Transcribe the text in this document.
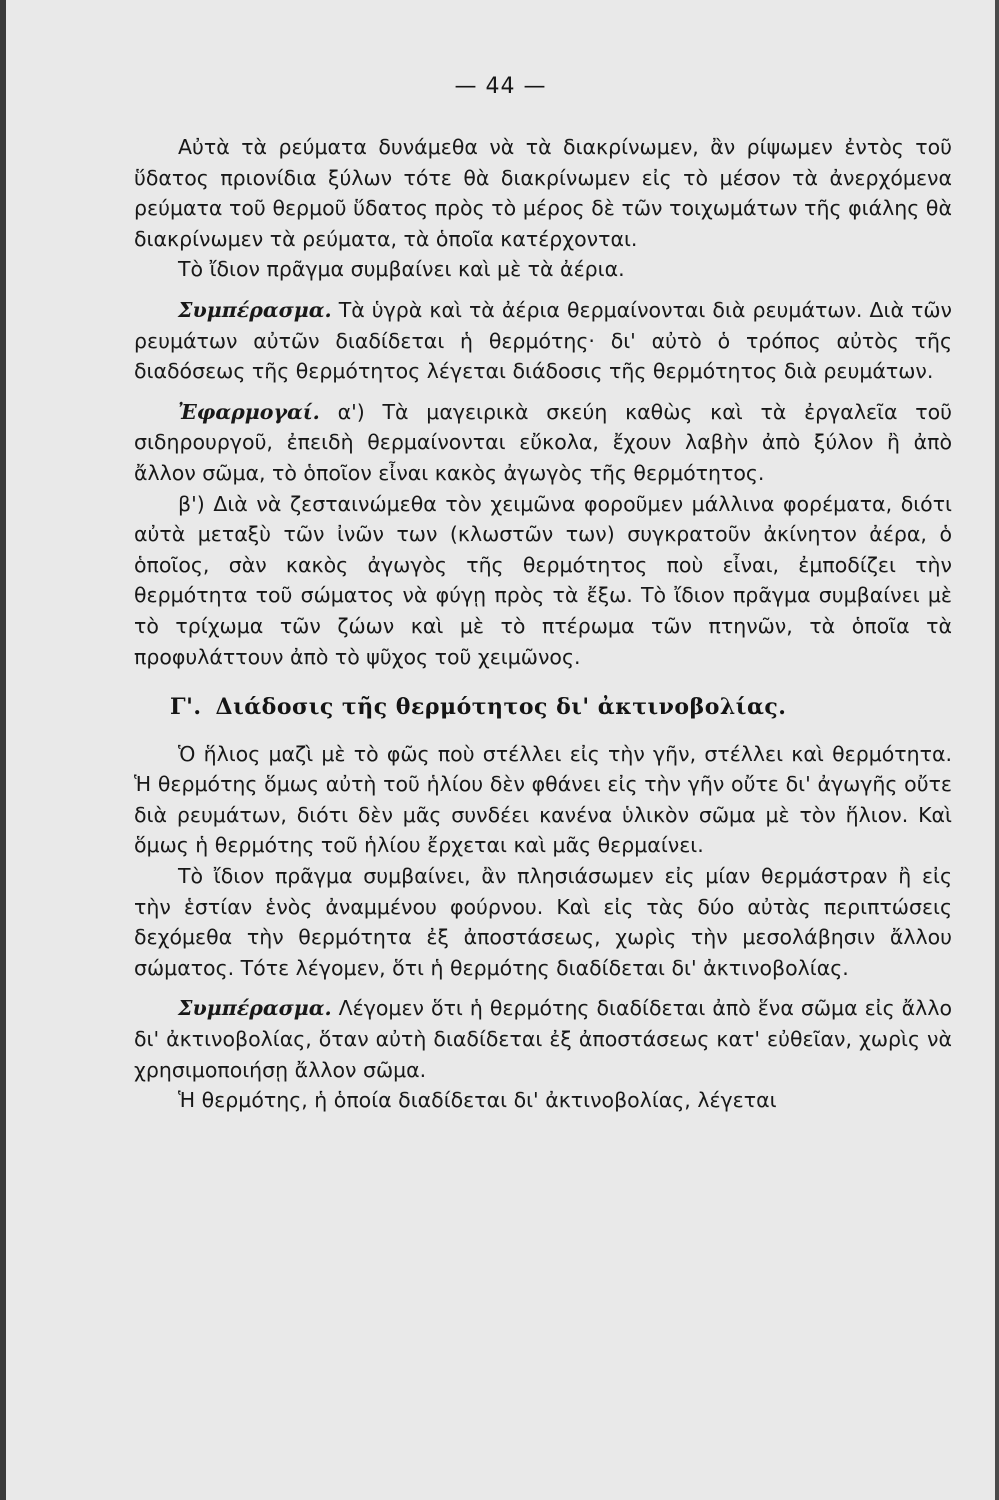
— 44 —

Αὐτὰ τὰ ρεύματα δυνάμεθα νὰ τὰ διακρίνωμεν, ἂν ρίψωμεν ἐντὸς τοῦ ὕδατος πριονίδια ξύλων τότε θὰ διακρίνωμεν εἰς τὸ μέσον τὰ ἀνερχόμενα ρεύματα τοῦ θερμοῦ ὕδατος πρὸς τὸ μέρος δὲ τῶν τοιχωμάτων τῆς φιάλης θὰ διακρίνωμεν τὰ ρεύματα, τὰ ὁποῖα κατέρχονται.

Τὸ ἴδιον πρᾶγμα συμβαίνει καὶ μὲ τὰ ἀέρια.

Συμπέρασμα. Τὰ ὑγρὰ καὶ τὰ ἀέρια θερμαίνονται διὰ ρευμάτων. Διὰ τῶν ρευμάτων αὐτῶν διαδίδεται ἡ θερμότης· δι' αὐτὸ ὁ τρόπος αὐτὸς τῆς διαδόσεως τῆς θερμότητος λέγεται διάδοσις τῆς θερμότητος διὰ ρευμάτων.

Ἐφαρμογαί. α') Τὰ μαγειρικὰ σκεύη καθὼς καὶ τὰ ἐργαλεῖα τοῦ σιδηρουργοῦ, ἐπειδὴ θερμαίνονται εὔκολα, ἔχουν λαβὴν ἀπὸ ξύλον ἢ ἀπὸ ἄλλον σῶμα, τὸ ὁποῖον εἶναι κακὸς ἀγωγὸς τῆς θερμότητος.

β') Διὰ νὰ ζεσταινώμεθα τὸν χειμῶνα φοροῦμεν μάλλινα φορέματα, διότι αὐτὰ μεταξὺ τῶν ἰνῶν των (κλωστῶν των) συγκρατοῦν ἀκίνητον ἀέρα, ὁ ὁποῖος, σὰν κακὸς ἀγωγὸς τῆς θερμότητος ποὺ εἶναι, ἐμποδίζει τὴν θερμότητα τοῦ σώματος νὰ φύγῃ πρὸς τὰ ἔξω. Τὸ ἴδιον πρᾶγμα συμβαίνει μὲ τὸ τρίχωμα τῶν ζώων καὶ μὲ τὸ πτέρωμα τῶν πτηνῶν, τὰ ὁποῖα τὰ προφυλάττουν ἀπὸ τὸ ψῦχος τοῦ χειμῶνος.

Γ'. Διάδοσις τῆς θερμότητος δι' ἀκτινοβολίας.

Ὁ ἥλιος μαζὶ μὲ τὸ φῶς ποὺ στέλλει εἰς τὴν γῆν, στέλλει καὶ θερμότητα. Ἡ θερμότης ὅμως αὐτὴ τοῦ ἡλίου δὲν φθάνει εἰς τὴν γῆν οὔτε δι' ἀγωγῆς οὔτε διὰ ρευμάτων, διότι δὲν μᾶς συνδέει κανένα ὑλικὸν σῶμα μὲ τὸν ἥλιον. Καὶ ὅμως ἡ θερμότης τοῦ ἡλίου ἔρχεται καὶ μᾶς θερμαίνει.

Τὸ ἴδιον πρᾶγμα συμβαίνει, ἂν πλησιάσωμεν εἰς μίαν θερμάστραν ἢ εἰς τὴν ἑστίαν ἑνὸς ἀναμμένου φούρνου. Καὶ εἰς τὰς δύο αὐτὰς περιπτώσεις δεχόμεθα τὴν θερμότητα ἐξ ἀποστάσεως, χωρὶς τὴν μεσολάβησιν ἄλλου σώματος. Τότε λέγομεν, ὅτι ἡ θερμότης διαδίδεται δι' ἀκτινοβολίας.

Συμπέρασμα. Λέγομεν ὅτι ἡ θερμότης διαδίδεται ἀπὸ ἕνα σῶμα εἰς ἄλλο δι' ἀκτινοβολίας, ὅταν αὐτὴ διαδίδεται ἐξ ἀποστάσεως κατ' εὐθεῖαν, χωρὶς νὰ χρησιμοποιήσῃ ἄλλον σῶμα.

Ἡ θερμότης, ἡ ὁποία διαδίδεται δι' ἀκτινοβολίας, λέγεται
